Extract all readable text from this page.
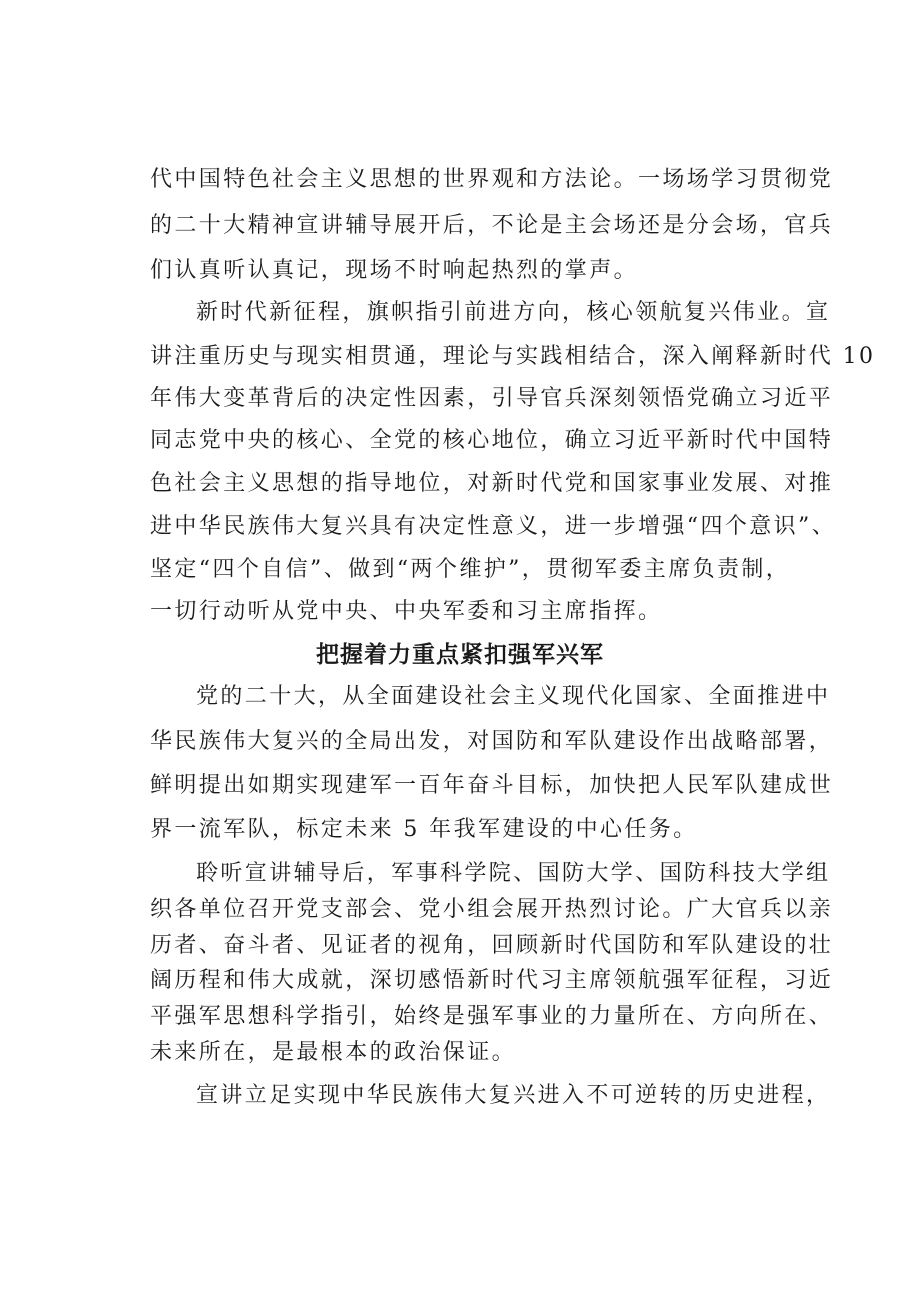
代中国特色社会主义思想的世界观和方法论。一场场学习贯彻党
的二十大精神宣讲辅导展开后，不论是主会场还是分会场，官兵
们认真听认真记，现场不时响起热烈的掌声。
新时代新征程，旗帜指引前进方向，核心领航复兴伟业。宣
讲注重历史与现实相贯通，理论与实践相结合，深入阐释新时代 10
年伟大变革背后的决定性因素，引导官兵深刻领悟党确立习近平
同志党中央的核心、全党的核心地位，确立习近平新时代中国特
色社会主义思想的指导地位，对新时代党和国家事业发展、对推
进中华民族伟大复兴具有决定性意义，进一步增强“四个意识”、
坚定“四个自信”、做到“两个维护”，贯彻军委主席负责制，
一切行动听从党中央、中央军委和习主席指挥。
把握着力重点紧扣强军兴军
党的二十大，从全面建设社会主义现代化国家、全面推进中
华民族伟大复兴的全局出发，对国防和军队建设作出战略部署，
鲜明提出如期实现建军一百年奋斗目标，加快把人民军队建成世
界一流军队，标定未来 5 年我军建设的中心任务。
聆听宣讲辅导后，军事科学院、国防大学、国防科技大学组
织各单位召开党支部会、党小组会展开热烈讨论。广大官兵以亲
历者、奋斗者、见证者的视角，回顾新时代国防和军队建设的壮
阔历程和伟大成就，深切感悟新时代习主席领航强军征程，习近
平强军思想科学指引，始终是强军事业的力量所在、方向所在、
未来所在，是最根本的政治保证。
宣讲立足实现中华民族伟大复兴进入不可逆转的历史进程，
